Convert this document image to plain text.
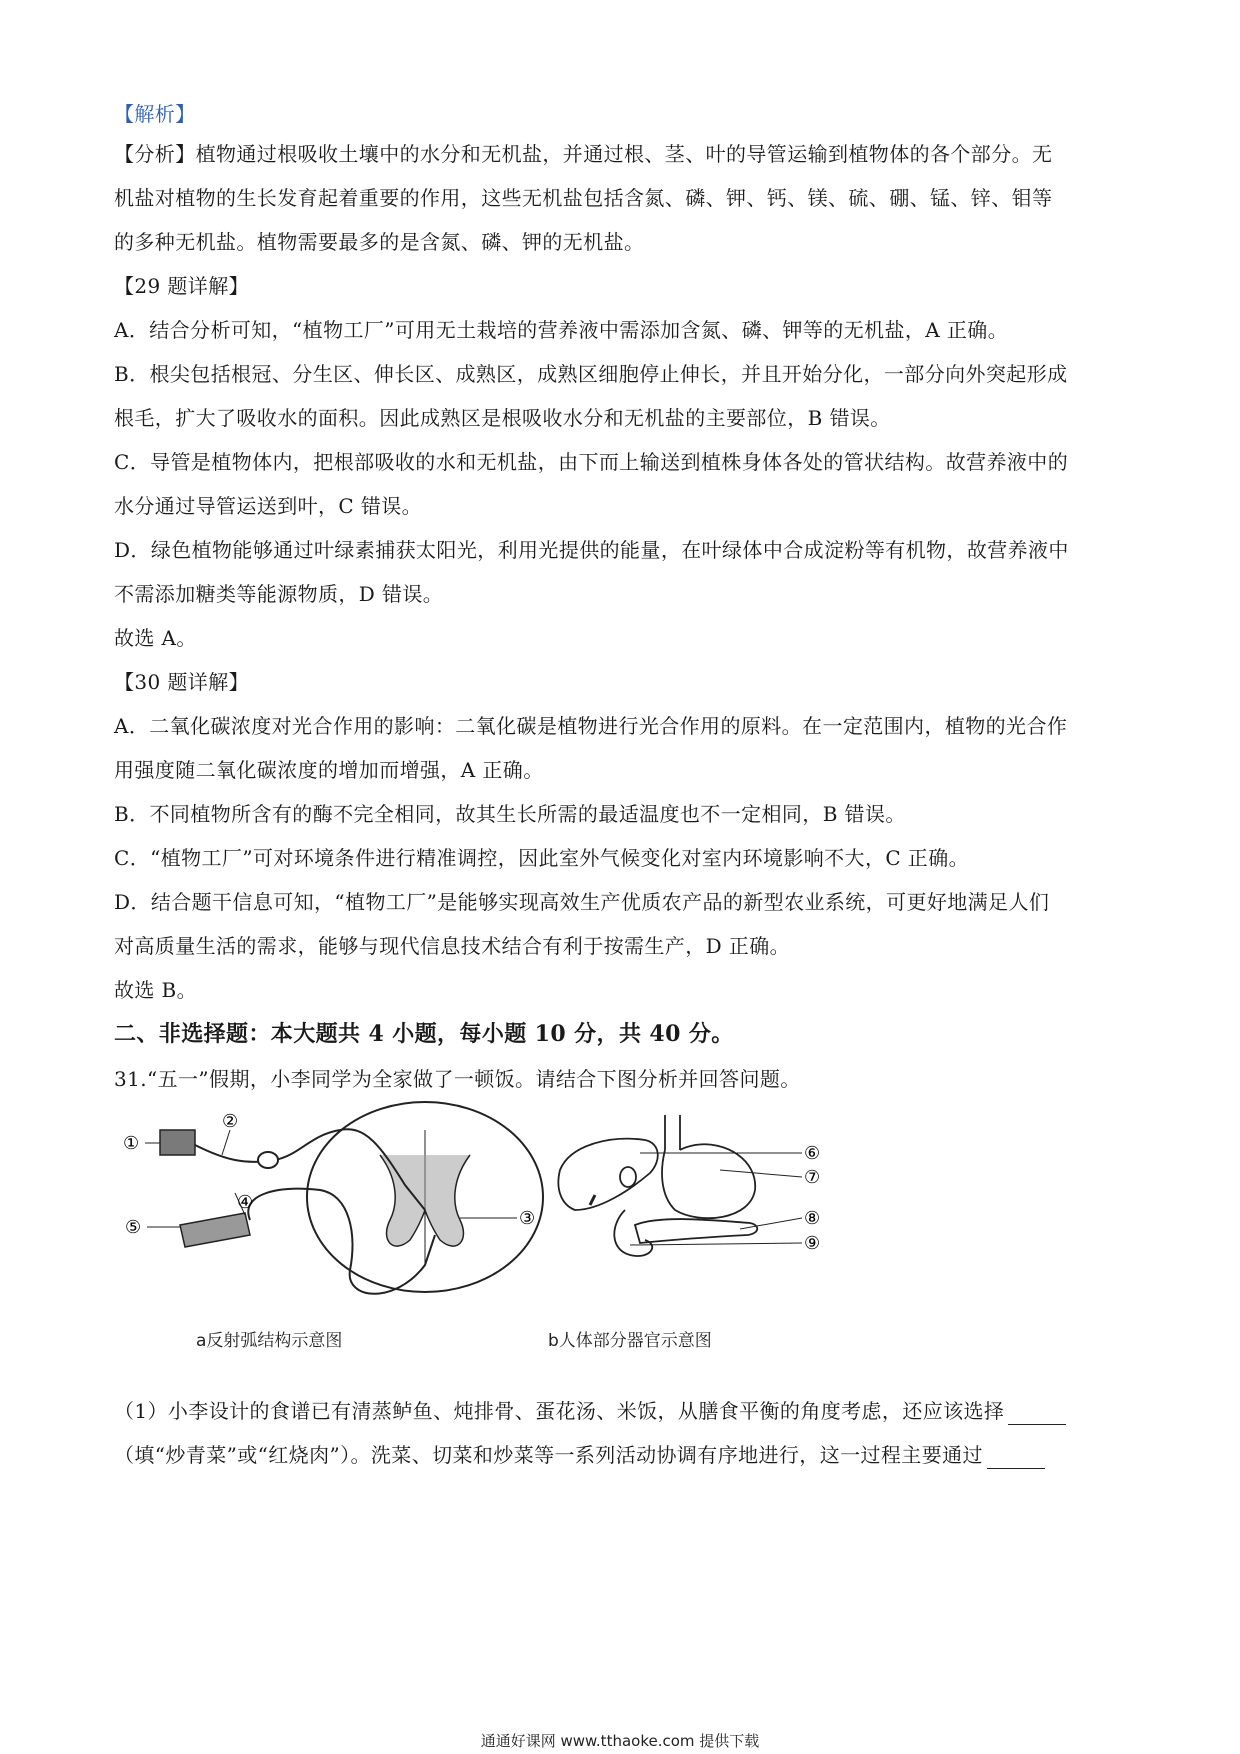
【解析】
【分析】植物通过根吸收土壤中的水分和无机盐，并通过根、茎、叶的导管运输到植物体的各个部分。无
机盐对植物的生长发育起着重要的作用，这些无机盐包括含氮、磷、钾、钙、镁、硫、硼、锰、锌、钼等
的多种无机盐。植物需要最多的是含氮、磷、钾的无机盐。
【29 题详解】
A．结合分析可知，“植物工厂”可用无土栽培的营养液中需添加含氮、磷、钾等的无机盐，A 正确。
B．根尖包括根冠、分生区、伸长区、成熟区，成熟区细胞停止伸长，并且开始分化，一部分向外突起形成
根毛，扩大了吸收水的面积。因此成熟区是根吸收水分和无机盐的主要部位，B 错误。
C．导管是植物体内，把根部吸收的水和无机盐，由下而上输送到植株身体各处的管状结构。故营养液中的
水分通过导管运送到叶，C 错误。
D．绿色植物能够通过叶绿素捕获太阳光，利用光提供的能量，在叶绿体中合成淀粉等有机物，故营养液中
不需添加糖类等能源物质，D 错误。
故选 A。
【30 题详解】
A．二氧化碳浓度对光合作用的影响：二氧化碳是植物进行光合作用的原料。在一定范围内，植物的光合作
用强度随二氧化碳浓度的增加而增强，A 正确。
B．不同植物所含有的酶不完全相同，故其生长所需的最适温度也不一定相同，B 错误。
C．“植物工厂”可对环境条件进行精准调控，因此室外气候变化对室内环境影响不大，C 正确。
D．结合题干信息可知，“植物工厂”是能够实现高效生产优质农产品的新型农业系统，可更好地满足人们
对高质量生活的需求，能够与现代信息技术结合有利于按需生产，D 正确。
故选 B。
二、非选择题：本大题共 4 小题，每小题 10 分，共 40 分。
31.“五一”假期，小李同学为全家做了一顿饭。请结合下图分析并回答问题。
①
②
③
④
⑤
a反射弧结构示意图
⑥
⑦
⑧
⑨
b人体部分器官示意图
（1）小李设计的食谱已有清蒸鲈鱼、炖排骨、蛋花汤、米饭，从膳食平衡的角度考虑，还应该选择
（填“炒青菜”或“红烧肉”）。洗菜、切菜和炒菜等一系列活动协调有序地进行，这一过程主要通过
通通好课网 www.tthaoke.com 提供下载
